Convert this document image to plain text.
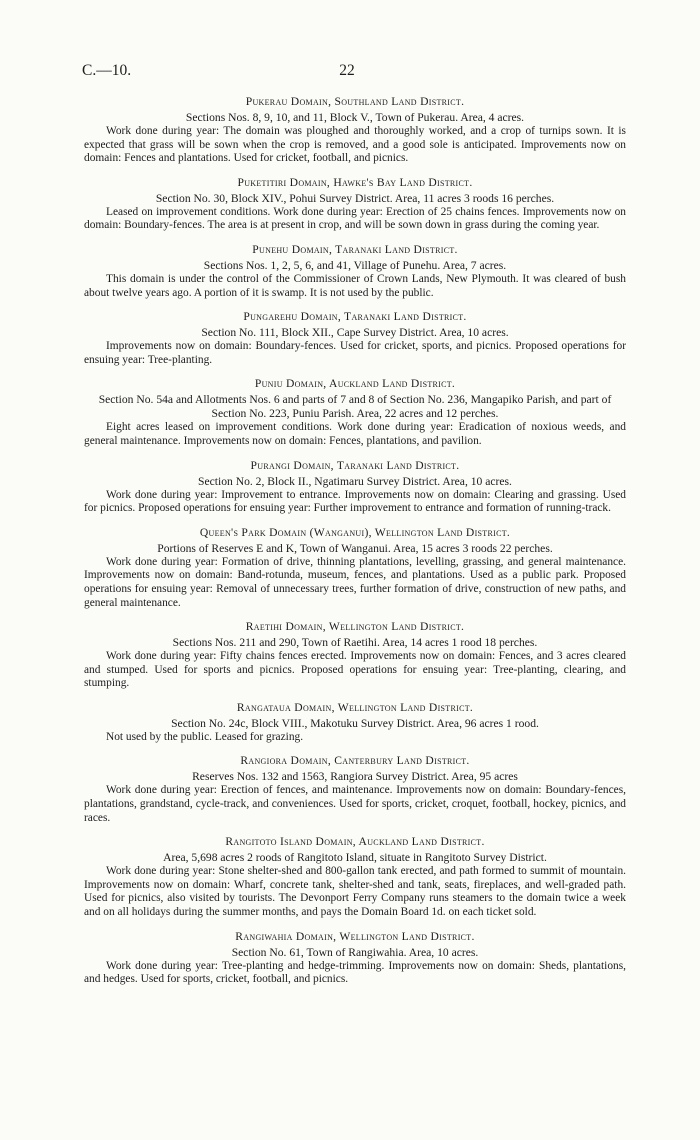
C.—10.	22
Pukerau Domain, Southland Land District.
Sections Nos. 8, 9, 10, and 11, Block V., Town of Pukerau. Area, 4 acres.

Work done during year: The domain was ploughed and thoroughly worked, and a crop of turnips sown. It is expected that grass will be sown when the crop is removed, and a good sole is anticipated. Improvements now on domain: Fences and plantations. Used for cricket, football, and picnics.

Puketitiri Domain, Hawke's Bay Land District.
Section No. 30, Block XIV., Pohui Survey District. Area, 11 acres 3 roods 16 perches.

Leased on improvement conditions. Work done during year: Erection of 25 chains fences. Improvements now on domain: Boundary-fences. The area is at present in crop, and will be sown down in grass during the coming year.

Punehu Domain, Taranaki Land District.
Sections Nos. 1, 2, 5, 6, and 41, Village of Punehu. Area, 7 acres.

This domain is under the control of the Commissioner of Crown Lands, New Plymouth. It was cleared of bush about twelve years ago. A portion of it is swamp. It is not used by the public.

Pungarehu Domain, Taranaki Land District.
Section No. 111, Block XII., Cape Survey District. Area, 10 acres.

Improvements now on domain: Boundary-fences. Used for cricket, sports, and picnics. Proposed operations for ensuing year: Tree-planting.

Puniu Domain, Auckland Land District.
Section No. 54a and Allotments Nos. 6 and parts of 7 and 8 of Section No. 236, Mangapiko Parish, and part of Section No. 223, Puniu Parish. Area, 22 acres and 12 perches.

Eight acres leased on improvement conditions. Work done during year: Eradication of noxious weeds, and general maintenance. Improvements now on domain: Fences, plantations, and pavilion.

Purangi Domain, Taranaki Land District.
Section No. 2, Block II., Ngatimaru Survey District. Area, 10 acres.

Work done during year: Improvement to entrance. Improvements now on domain: Clearing and grassing. Used for picnics. Proposed operations for ensuing year: Further improvement to entrance and formation of running-track.

Queen's Park Domain (Wanganui), Wellington Land District.
Portions of Reserves E and K, Town of Wanganui. Area, 15 acres 3 roods 22 perches.

Work done during year: Formation of drive, thinning plantations, levelling, grassing, and general maintenance. Improvements now on domain: Band-rotunda, museum, fences, and plantations. Used as a public park. Proposed operations for ensuing year: Removal of unnecessary trees, further formation of drive, construction of new paths, and general maintenance.

Raetihi Domain, Wellington Land District.
Sections Nos. 211 and 290, Town of Raetihi. Area, 14 acres 1 rood 18 perches.

Work done during year: Fifty chains fences erected. Improvements now on domain: Fences, and 3 acres cleared and stumped. Used for sports and picnics. Proposed operations for ensuing year: Tree-planting, clearing, and stumping.

Rangataua Domain, Wellington Land District.
Section No. 24c, Block VIII., Makotuku Survey District. Area, 96 acres 1 rood.

Not used by the public. Leased for grazing.

Rangiora Domain, Canterbury Land District.
Reserves Nos. 132 and 1563, Rangiora Survey District. Area, 95 acres

Work done during year: Erection of fences, and maintenance. Improvements now on domain: Boundary-fences, plantations, grandstand, cycle-track, and conveniences. Used for sports, cricket, croquet, football, hockey, picnics, and races.

Rangitoto Island Domain, Auckland Land District.
Area, 5,698 acres 2 roods of Rangitoto Island, situate in Rangitoto Survey District.

Work done during year: Stone shelter-shed and 800-gallon tank erected, and path formed to summit of mountain. Improvements now on domain: Wharf, concrete tank, shelter-shed and tank, seats, fireplaces, and well-graded path. Used for picnics, also visited by tourists. The Devonport Ferry Company runs steamers to the domain twice a week and on all holidays during the summer months, and pays the Domain Board 1d. on each ticket sold.

Rangiwahia Domain, Wellington Land District.
Section No. 61, Town of Rangiwahia. Area, 10 acres.

Work done during year: Tree-planting and hedge-trimming. Improvements now on domain: Sheds, plantations, and hedges. Used for sports, cricket, football, and picnics.
